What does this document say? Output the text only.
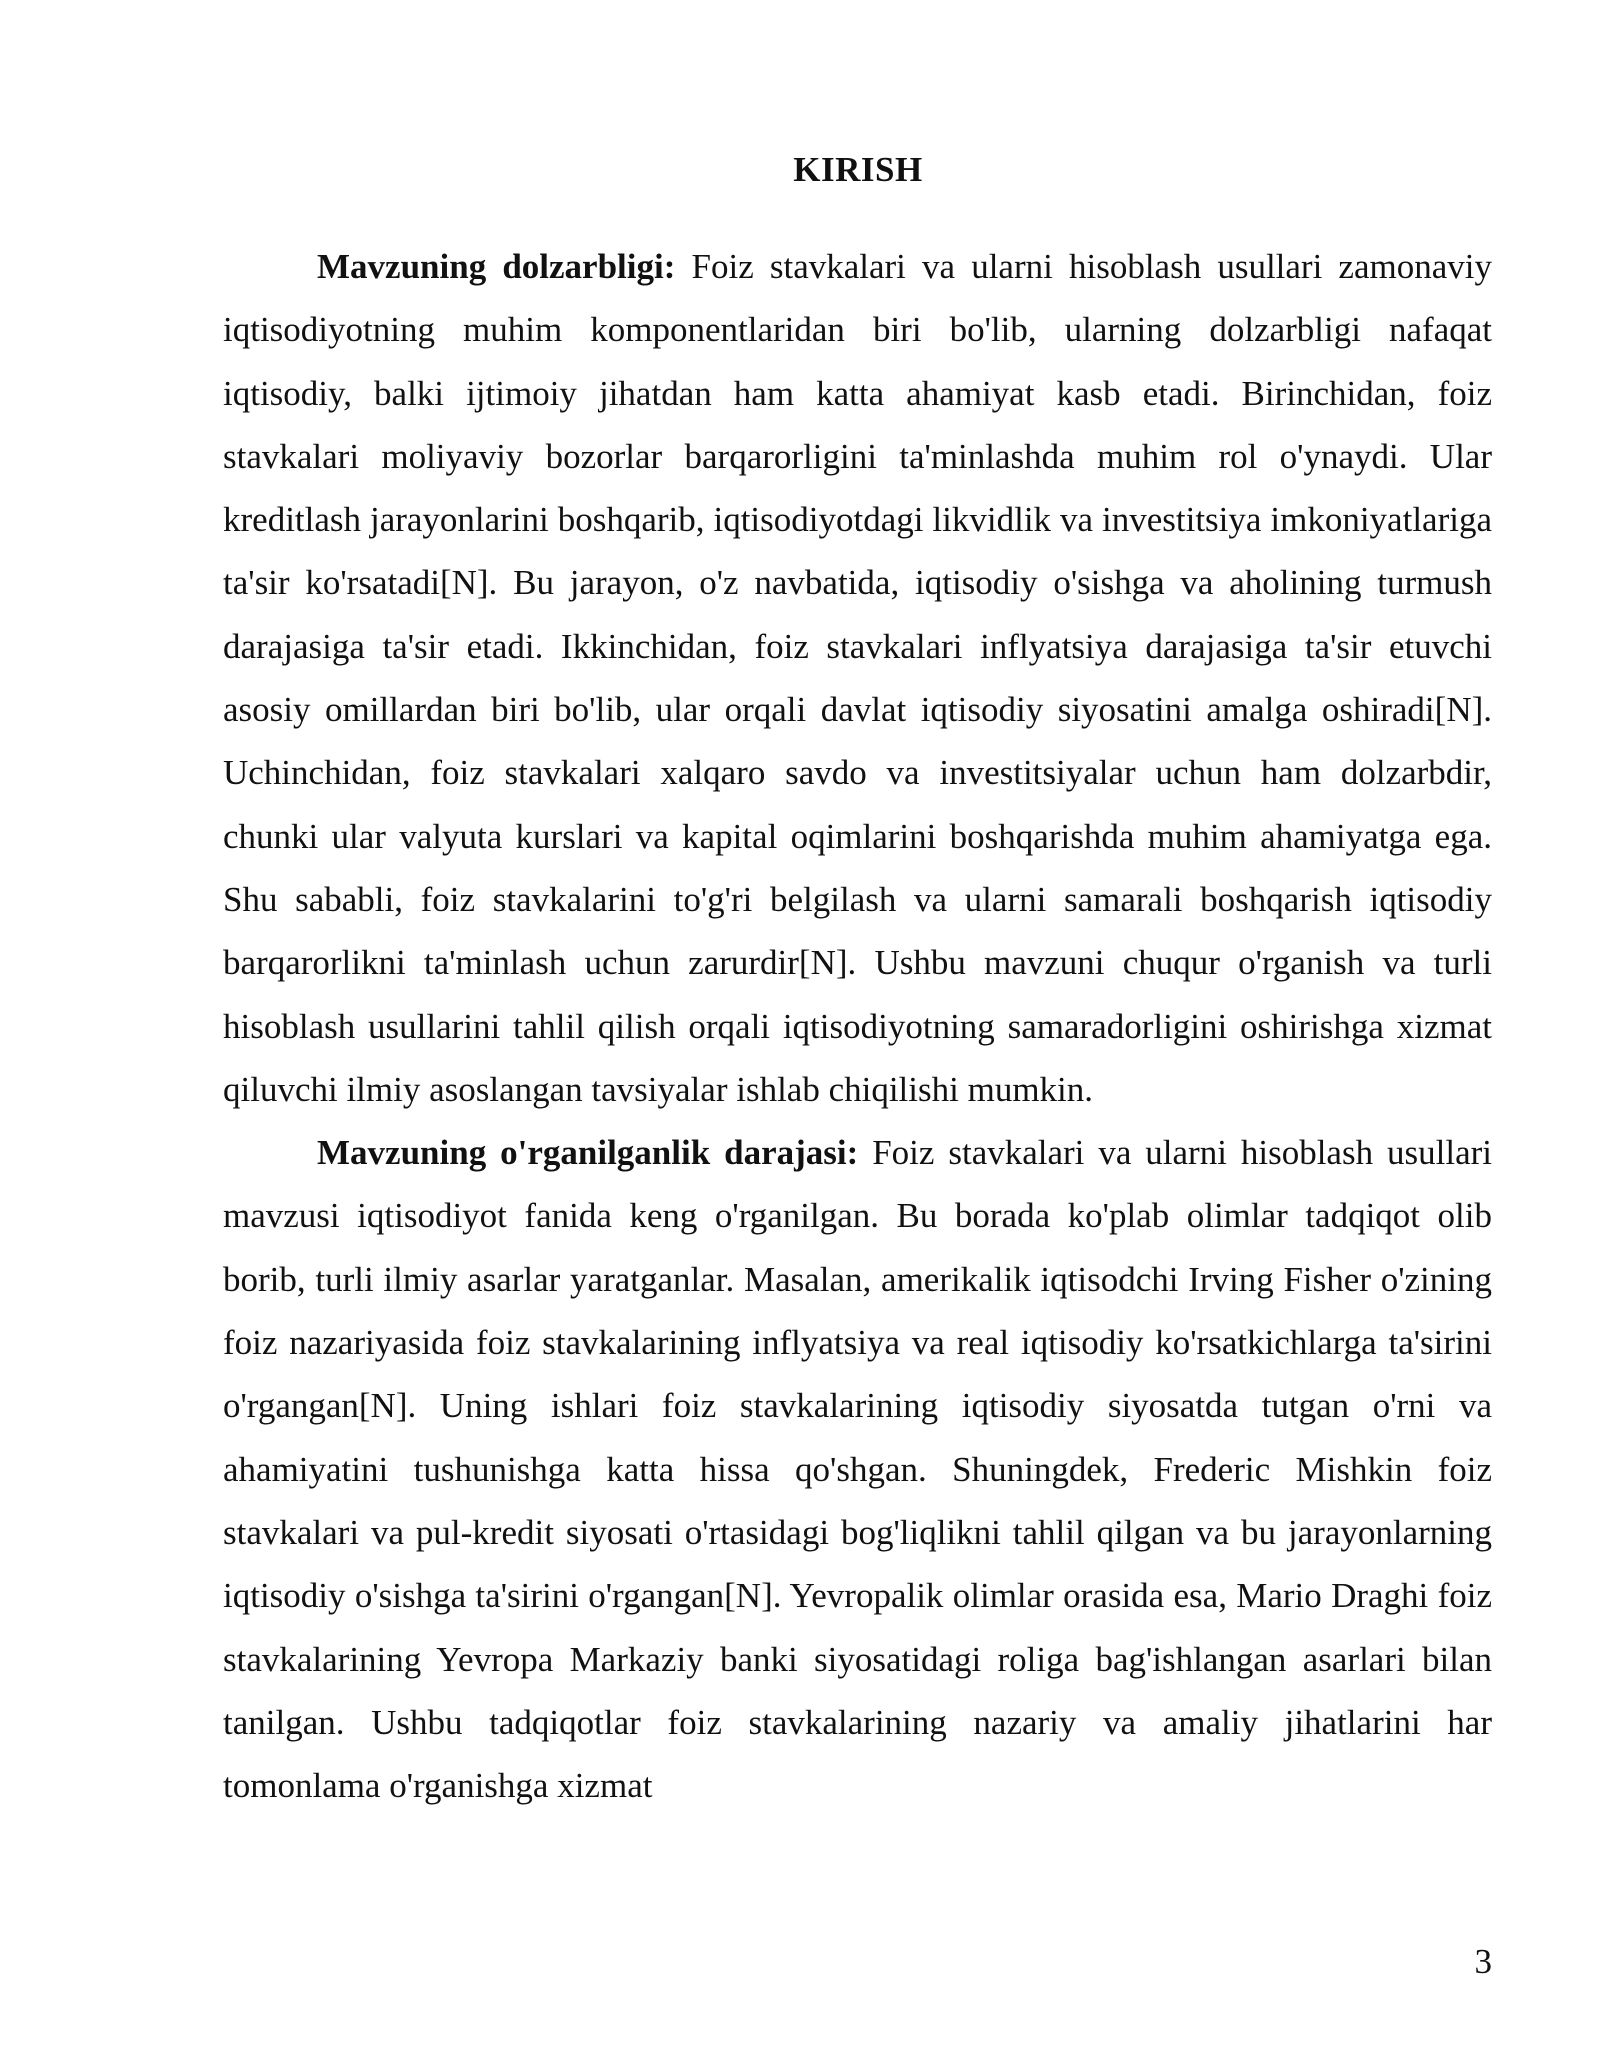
KIRISH

Mavzuning dolzarbligi: Foiz stavkalari va ularni hisoblash usullari zamonaviy iqtisodiyotning muhim komponentlaridan biri bo'lib, ularning dolzarbligi nafaqat iqtisodiy, balki ijtimoiy jihatdan ham katta ahamiyat kasb etadi. Birinchidan, foiz stavkalari moliyaviy bozorlar barqarorligini ta'minlashda muhim rol o'ynaydi. Ular kreditlash jarayonlarini boshqarib, iqtisodiyotdagi likvidlik va investitsiya imkoniyatlariga ta'sir ko'rsatadi[N]. Bu jarayon, o'z navbatida, iqtisodiy o'sishga va aholining turmush darajasiga ta'sir etadi. Ikkinchidan, foiz stavkalari inflyatsiya darajasiga ta'sir etuvchi asosiy omillardan biri bo'lib, ular orqali davlat iqtisodiy siyosatini amalga oshiradi[N]. Uchinchidan, foiz stavkalari xalqaro savdo va investitsiyalar uchun ham dolzarbdir, chunki ular valyuta kurslari va kapital oqimlarini boshqarishda muhim ahamiyatga ega. Shu sababli, foiz stavkalarini to'g'ri belgilash va ularni samarali boshqarish iqtisodiy barqarorlikni ta'minlash uchun zarurdir[N]. Ushbu mavzuni chuqur o'rganish va turli hisoblash usullarini tahlil qilish orqali iqtisodiyotning samaradorligini oshirishga xizmat qiluvchi ilmiy asoslangan tavsiyalar ishlab chiqilishi mumkin.

Mavzuning o'rganilganlik darajasi: Foiz stavkalari va ularni hisoblash usullari mavzusi iqtisodiyot fanida keng o'rganilgan. Bu borada ko'plab olimlar tadqiqot olib borib, turli ilmiy asarlar yaratganlar. Masalan, amerikalik iqtisodchi Irving Fisher o'zining foiz nazariyasida foiz stavkalarining inflyatsiya va real iqtisodiy ko'rsatkichlarga ta'sirini o'rgangan[N]. Uning ishlari foiz stavkalarining iqtisodiy siyosatda tutgan o'rni va ahamiyatini tushunishga katta hissa qo'shgan. Shuningdek, Frederic Mishkin foiz stavkalari va pul-kredit siyosati o'rtasidagi bog'liqlikni tahlil qilgan va bu jarayonlarning iqtisodiy o'sishga ta'sirini o'rgangan[N]. Yevropalik olimlar orasida esa, Mario Draghi foiz stavkalarining Yevropa Markaziy banki siyosatidagi roliga bag'ishlangan asarlari bilan tanilgan. Ushbu tadqiqotlar foiz stavkalarining nazariy va amaliy jihatlarini har tomonlama o'rganishga xizmat

3
